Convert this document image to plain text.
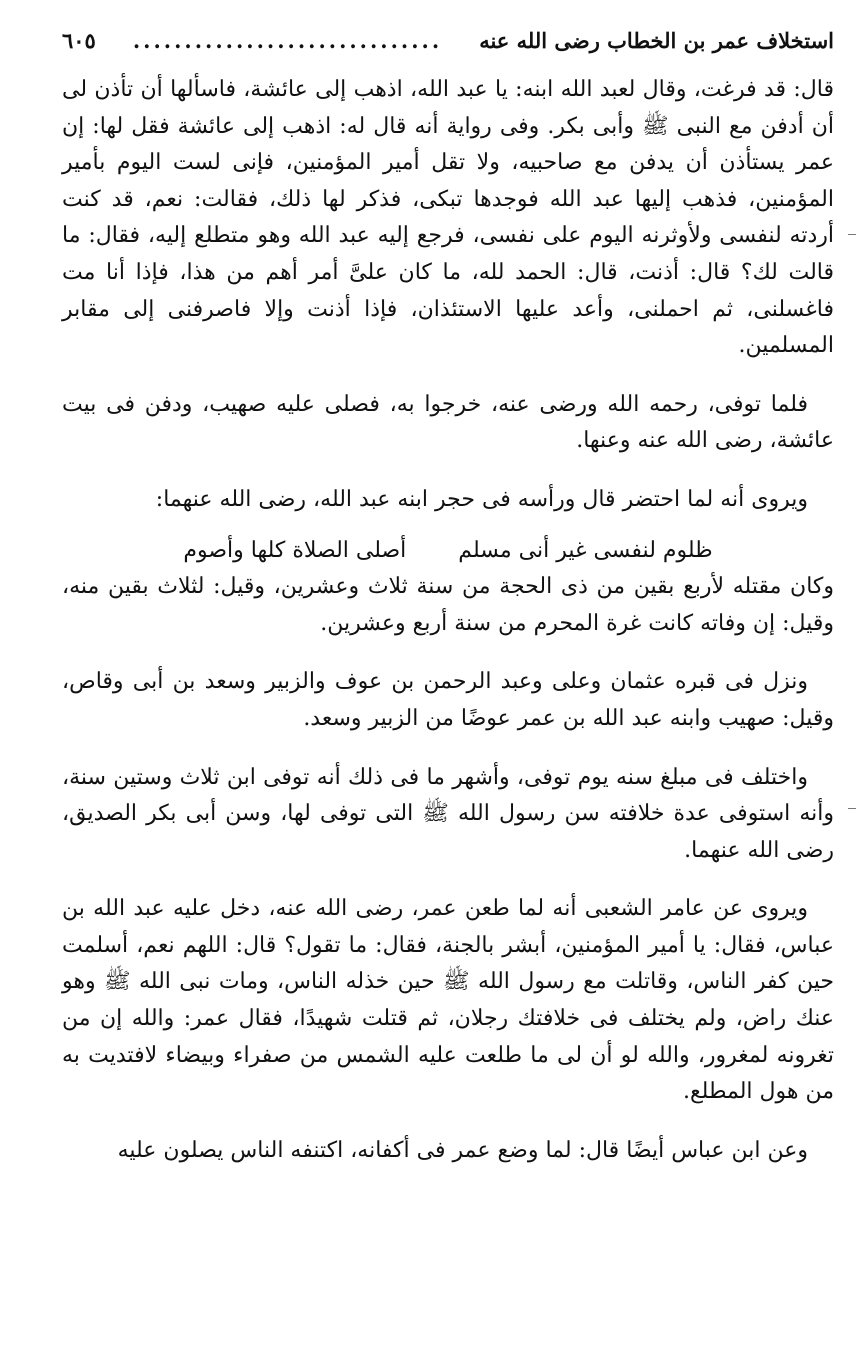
استخلاف عمر بن الخطاب رضى الله عنه
..............................
٦٠٥

قال: قد فرغت، وقال لعبد الله ابنه: يا عبد الله، اذهب إلى عائشة، فاسألها أن تأذن لى أن أدفن مع النبى ﷺ وأبى بكر. وفى رواية أنه قال له: اذهب إلى عائشة فقل لها: إن عمر يستأذن أن يدفن مع صاحبيه، ولا تقل أمير المؤمنين، فإنى لست اليوم بأمير المؤمنين، فذهب إليها عبد الله فوجدها تبكى، فذكر لها ذلك، فقالت: نعم، قد كنت أردته لنفسى ولأوثرنه اليوم على نفسى، فرجع إليه عبد الله وهو متطلع إليه، فقال: ما قالت لك؟ قال: أذنت، قال: الحمد لله، ما كان علىَّ أمر أهم من هذا، فإذا أنا مت فاغسلنى، ثم احملنى، وأعد عليها الاستئذان، فإذا أذنت وإلا فاصرفنى إلى مقابر المسلمين.

فلما توفى، رحمه الله ورضى عنه، خرجوا به، فصلى عليه صهيب، ودفن فى بيت عائشة، رضى الله عنه وعنها.

ويروى أنه لما احتضر قال ورأسه فى حجر ابنه عبد الله، رضى الله عنهما:

ظلوم لنفسى غير أنى مسلم
أصلى الصلاة كلها وأصوم

وكان مقتله لأربع بقين من ذى الحجة من سنة ثلاث وعشرين، وقيل: لثلاث بقين منه، وقيل: إن وفاته كانت غرة المحرم من سنة أربع وعشرين.

ونزل فى قبره عثمان وعلى وعبد الرحمن بن عوف والزبير وسعد بن أبى وقاص، وقيل: صهيب وابنه عبد الله بن عمر عوضًا من الزبير وسعد.

واختلف فى مبلغ سنه يوم توفى، وأشهر ما فى ذلك أنه توفى ابن ثلاث وستين سنة، وأنه استوفى عدة خلافته سن رسول الله ﷺ التى توفى لها، وسن أبى بكر الصديق، رضى الله عنهما.

ويروى عن عامر الشعبى أنه لما طعن عمر، رضى الله عنه، دخل عليه عبد الله بن عباس، فقال: يا أمير المؤمنين، أبشر بالجنة، فقال: ما تقول؟ قال: اللهم نعم، أسلمت حين كفر الناس، وقاتلت مع رسول الله ﷺ حين خذله الناس، ومات نبى الله ﷺ وهو عنك راض، ولم يختلف فى خلافتك رجلان، ثم قتلت شهيدًا، فقال عمر: والله إن من تغرونه لمغرور، والله لو أن لى ما طلعت عليه الشمس من صفراء وبيضاء لافتديت به من هول المطلع.

وعن ابن عباس أيضًا قال: لما وضع عمر فى أكفانه، اكتنفه الناس يصلون عليه
